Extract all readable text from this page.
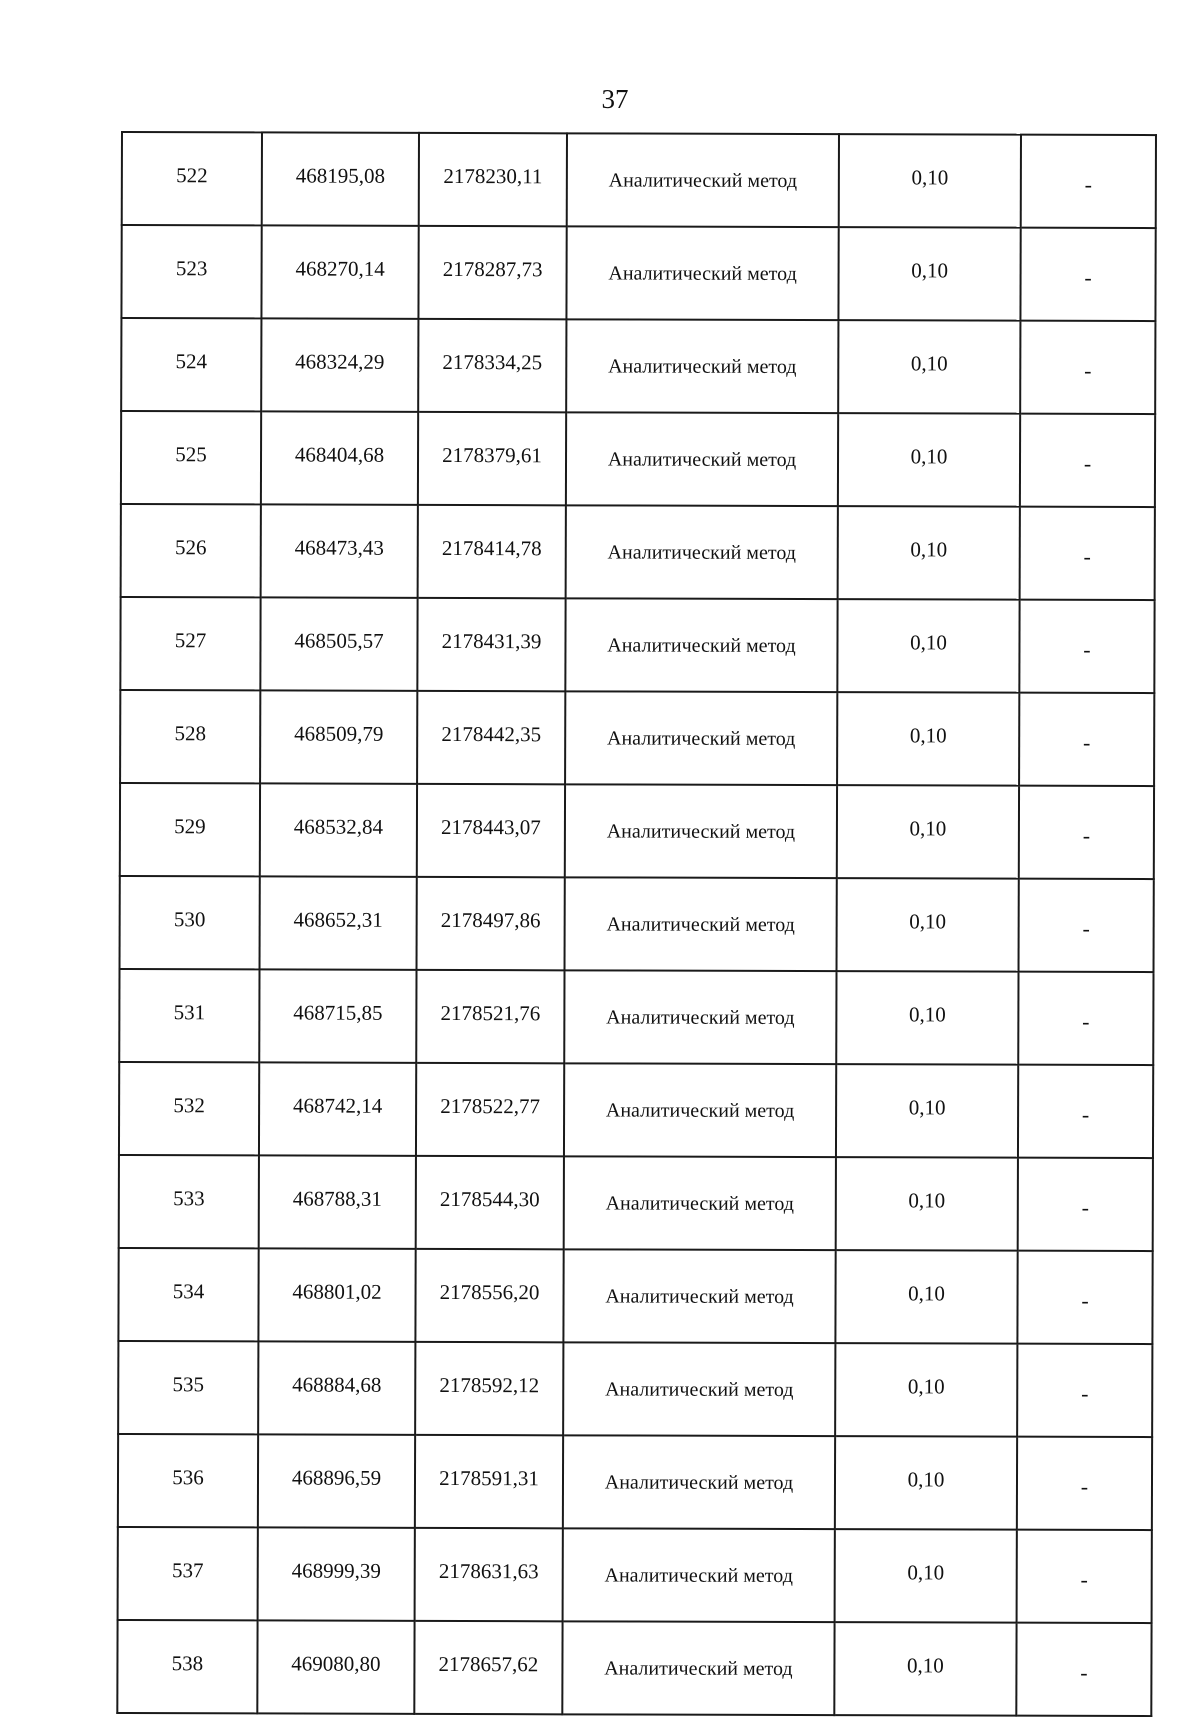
37
522	468195,08	2178230,11	Аналитический метод	0,10	-
523	468270,14	2178287,73	Аналитический метод	0,10	-
524	468324,29	2178334,25	Аналитический метод	0,10	-
525	468404,68	2178379,61	Аналитический метод	0,10	-
526	468473,43	2178414,78	Аналитический метод	0,10	-
527	468505,57	2178431,39	Аналитический метод	0,10	-
528	468509,79	2178442,35	Аналитический метод	0,10	-
529	468532,84	2178443,07	Аналитический метод	0,10	-
530	468652,31	2178497,86	Аналитический метод	0,10	-
531	468715,85	2178521,76	Аналитический метод	0,10	-
532	468742,14	2178522,77	Аналитический метод	0,10	-
533	468788,31	2178544,30	Аналитический метод	0,10	-
534	468801,02	2178556,20	Аналитический метод	0,10	-
535	468884,68	2178592,12	Аналитический метод	0,10	-
536	468896,59	2178591,31	Аналитический метод	0,10	-
537	468999,39	2178631,63	Аналитический метод	0,10	-
538	469080,80	2178657,62	Аналитический метод	0,10	-
